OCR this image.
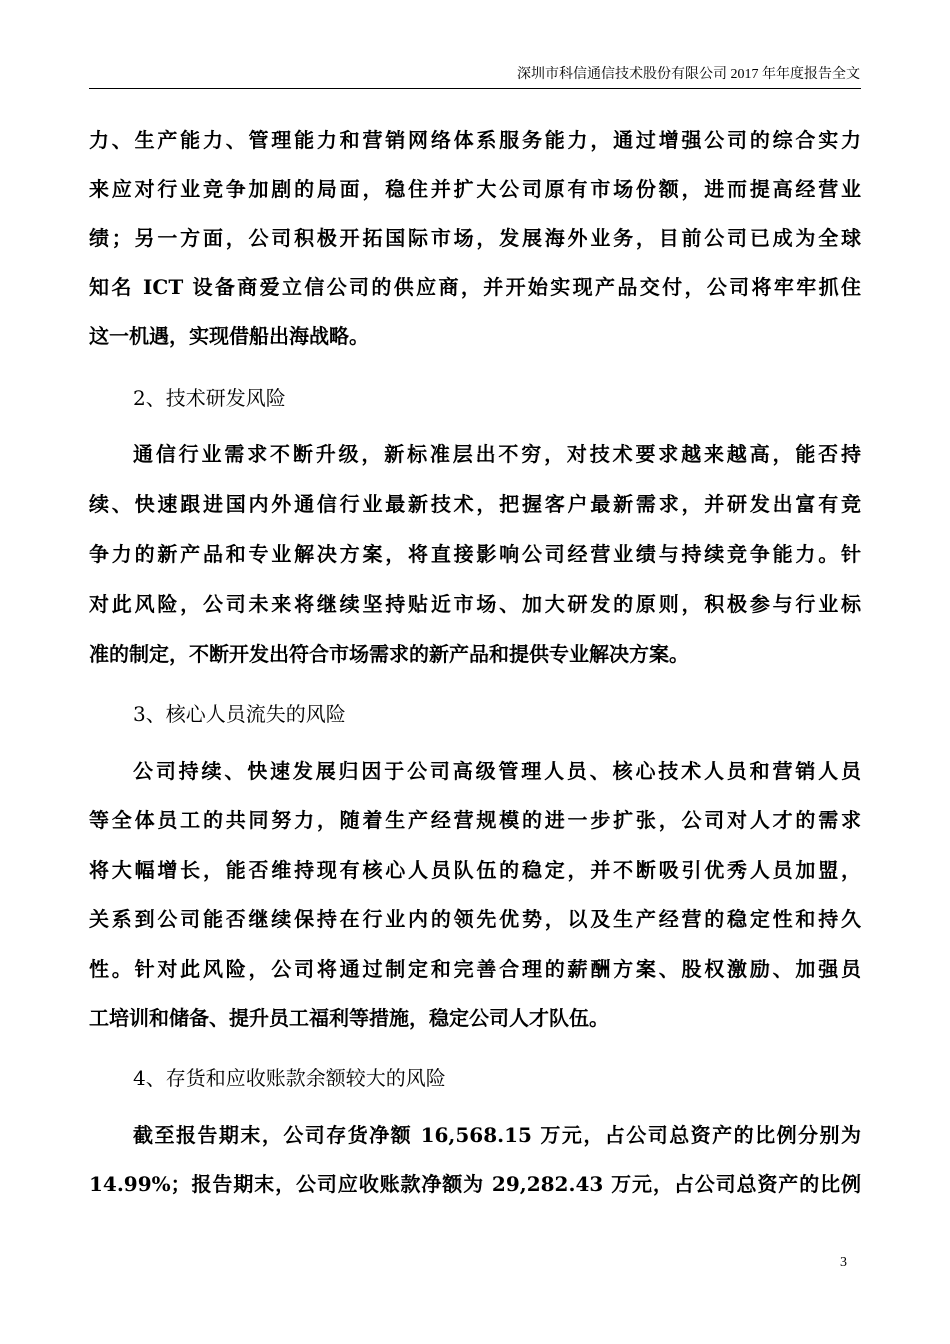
深圳市科信通信技术股份有限公司 2017 年年度报告全文
力、生产能力、管理能力和营销网络体系服务能力，通过增强公司的综合实力
来应对行业竞争加剧的局面，稳住并扩大公司原有市场份额，进而提高经营业
绩；另一方面，公司积极开拓国际市场，发展海外业务，目前公司已成为全球
知名 ICT 设备商爱立信公司的供应商，并开始实现产品交付，公司将牢牢抓住
这一机遇，实现借船出海战略。
2、技术研发风险
通信行业需求不断升级，新标准层出不穷，对技术要求越来越高，能否持
续、快速跟进国内外通信行业最新技术，把握客户最新需求，并研发出富有竞
争力的新产品和专业解决方案，将直接影响公司经营业绩与持续竞争能力。针
对此风险，公司未来将继续坚持贴近市场、加大研发的原则，积极参与行业标
准的制定，不断开发出符合市场需求的新产品和提供专业解决方案。
3、核心人员流失的风险
公司持续、快速发展归因于公司高级管理人员、核心技术人员和营销人员
等全体员工的共同努力，随着生产经营规模的进一步扩张，公司对人才的需求
将大幅增长，能否维持现有核心人员队伍的稳定，并不断吸引优秀人员加盟，
关系到公司能否继续保持在行业内的领先优势，以及生产经营的稳定性和持久
性。针对此风险，公司将通过制定和完善合理的薪酬方案、股权激励、加强员
工培训和储备、提升员工福利等措施，稳定公司人才队伍。
4、存货和应收账款余额较大的风险
截至报告期末，公司存货净额 16,568.15 万元，占公司总资产的比例分别为
14.99%；报告期末，公司应收账款净额为 29,282.43 万元，占公司总资产的比例
3
